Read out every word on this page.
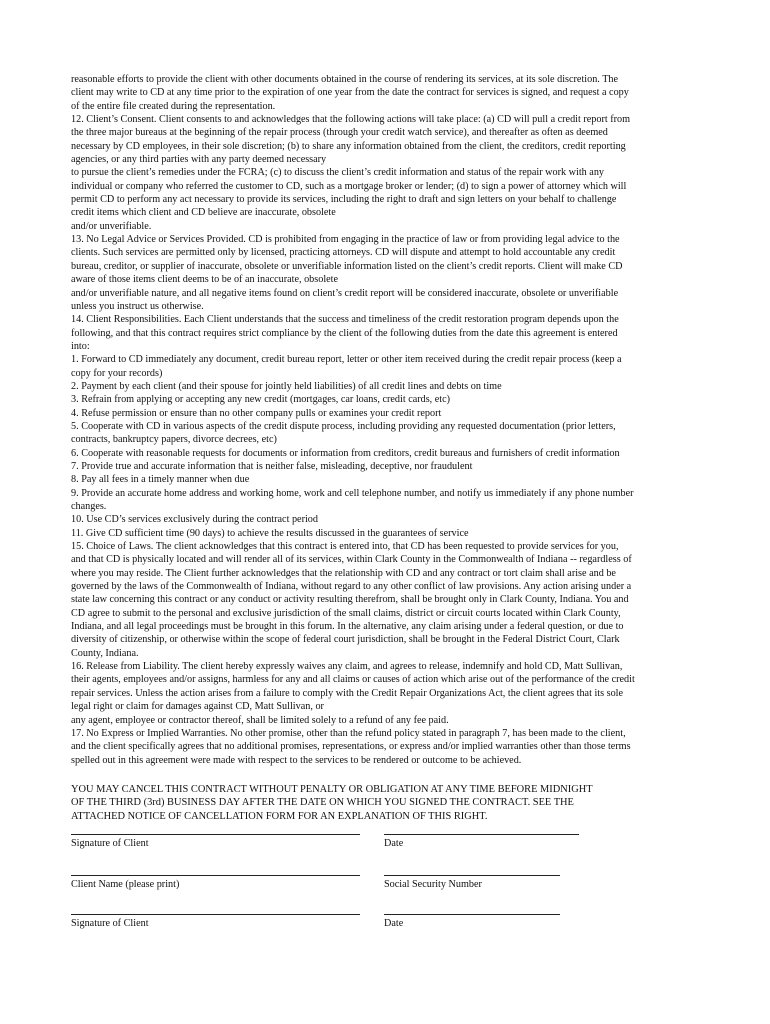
reasonable efforts to provide the client with other documents obtained in the course of rendering its services, at its sole discretion. The
client may write to CD at any time prior to the expiration of one year from the date the contract for services is signed, and request a copy
of the entire file created during the representation.
12. Client’s Consent. Client consents to and acknowledges that the following actions will take place: (a) CD will pull a credit report from
the three major bureaus at the beginning of the repair process (through your credit watch service), and thereafter as often as deemed
necessary by CD employees, in their sole discretion; (b) to share any information obtained from the client, the creditors, credit reporting
agencies, or any third parties with any party deemed necessary
to pursue the client’s remedies under the FCRA; (c) to discuss the client’s credit information and status of the repair work with any
individual or company who referred the customer to CD, such as a mortgage broker or lender; (d) to sign a power of attorney which will
permit CD to perform any act necessary to provide its services, including the right to draft and sign letters on your behalf to challenge
credit items which client and CD believe are inaccurate, obsolete
and/or unverifiable.
13. No Legal Advice or Services Provided. CD is prohibited from engaging in the practice of law or from providing legal advice to the
clients. Such services are permitted only by licensed, practicing attorneys. CD will dispute and attempt to hold accountable any credit
bureau, creditor, or supplier of inaccurate, obsolete or unverifiable information listed on the client’s credit reports. Client will make CD
aware of those items client deems to be of an inaccurate, obsolete
and/or unverifiable nature, and all negative items found on client’s credit report will be considered inaccurate, obsolete or unverifiable
unless you instruct us otherwise.
14. Client Responsibilities. Each Client understands that the success and timeliness of the credit restoration program depends upon the
following, and that this contract requires strict compliance by the client of the following duties from the date this agreement is entered
into:
1. Forward to CD immediately any document, credit bureau report, letter or other item received during the credit repair process (keep a
copy for your records)
2. Payment by each client (and their spouse for jointly held liabilities) of all credit lines and debts on time
3. Refrain from applying or accepting any new credit (mortgages, car loans, credit cards, etc)
4. Refuse permission or ensure than no other company pulls or examines your credit report
5. Cooperate with CD in various aspects of the credit dispute process, including providing any requested documentation (prior letters,
contracts, bankruptcy papers, divorce decrees, etc)
6. Cooperate with reasonable requests for documents or information from creditors, credit bureaus and furnishers of credit information
7. Provide true and accurate information that is neither false, misleading, deceptive, nor fraudulent
8. Pay all fees in a timely manner when due
9. Provide an accurate home address and working home, work and cell telephone number, and notify us immediately if any phone number
changes.
10. Use CD’s services exclusively during the contract period
11. Give CD sufficient time (90 days) to achieve the results discussed in the guarantees of service
15. Choice of Laws. The client acknowledges that this contract is entered into, that CD has been requested to provide services for you,
and that CD is physically located and will render all of its services, within Clark County in the Commonwealth of Indiana -- regardless of
where you may reside. The Client further acknowledges that the relationship with CD and any contract or tort claim shall arise and be
governed by the laws of the Commonwealth of Indiana, without regard to any other conflict of law provisions. Any action arising under a
state law concerning this contract or any conduct or activity resulting therefrom, shall be brought only in Clark County, Indiana. You and
CD agree to submit to the personal and exclusive jurisdiction of the small claims, district or circuit courts located within Clark County,
Indiana, and all legal proceedings must be brought in this forum. In the alternative, any claim arising under a federal question, or due to
diversity of citizenship, or otherwise within the scope of federal court jurisdiction, shall be brought in the Federal District Court, Clark
County, Indiana.
16. Release from Liability. The client hereby expressly waives any claim, and agrees to release, indemnify and hold CD, Matt Sullivan,
their agents, employees and/or assigns, harmless for any and all claims or causes of action which arise out of the performance of the credit
repair services. Unless the action arises from a failure to comply with the Credit Repair Organizations Act, the client agrees that its sole
legal right or claim for damages against CD, Matt Sullivan, or
any agent, employee or contractor thereof, shall be limited solely to a refund of any fee paid.
17. No Express or Implied Warranties. No other promise, other than the refund policy stated in paragraph 7, has been made to the client,
and the client specifically agrees that no additional promises, representations, or express and/or implied warranties other than those terms
spelled out in this agreement were made with respect to the services to be rendered or outcome to be achieved.
YOU MAY CANCEL THIS CONTRACT WITHOUT PENALTY OR OBLIGATION AT ANY TIME BEFORE MIDNIGHT
OF THE THIRD (3rd) BUSINESS DAY AFTER THE DATE ON WHICH YOU SIGNED THE CONTRACT. SEE THE
ATTACHED NOTICE OF CANCELLATION FORM FOR AN EXPLANATION OF THIS RIGHT.
Signature of Client	Date
Client Name (please print)	Social Security Number
Signature of Client	Date
